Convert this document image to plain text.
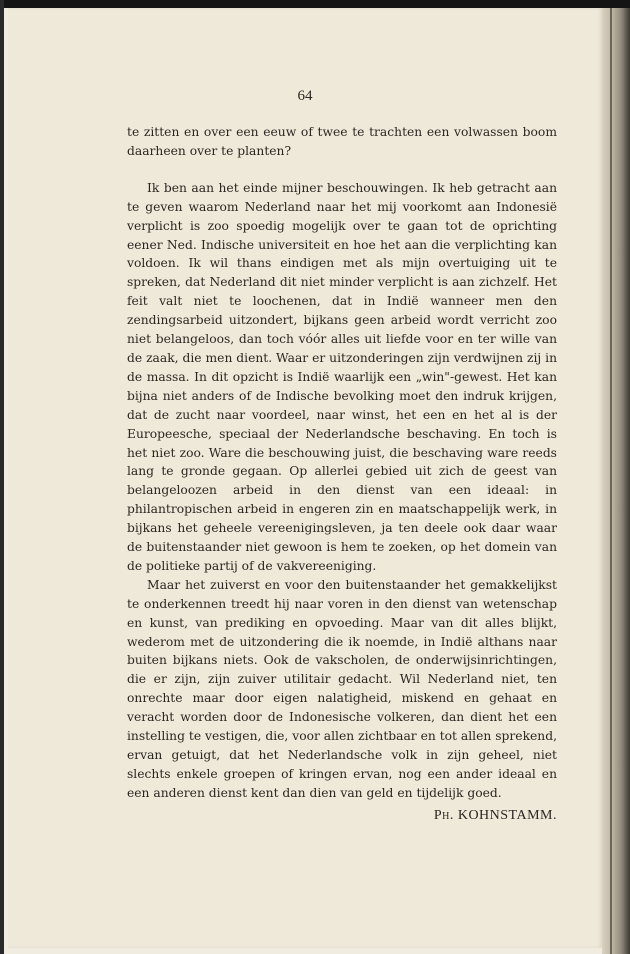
64

te zitten en over een eeuw of twee te trachten een volwassen boom daarheen over te planten?

Ik ben aan het einde mijner beschouwingen. Ik heb getracht aan te geven waarom Nederland naar het mij voorkomt aan Indonesië verplicht is zoo spoedig mogelijk over te gaan tot de oprichting eener Ned. Indische universiteit en hoe het aan die verplichting kan voldoen. Ik wil thans eindigen met als mijn overtuiging uit te spreken, dat Nederland dit niet minder verplicht is aan zichzelf. Het feit valt niet te loochenen, dat in Indië wanneer men den zendingsarbeid uitzondert, bijkans geen arbeid wordt verricht zoo niet belangeloos, dan toch vóór alles uit liefde voor en ter wille van de zaak, die men dient. Waar er uitzonderingen zijn verdwijnen zij in de massa. In dit opzicht is Indië waarlijk een „win"-gewest. Het kan bijna niet anders of de Indische bevolking moet den indruk krijgen, dat de zucht naar voordeel, naar winst, het een en het al is der Europeesche, speciaal der Nederlandsche beschaving. En toch is het niet zoo. Ware die beschouwing juist, die beschaving ware reeds lang te gronde gegaan. Op allerlei gebied uit zich de geest van belangeloozen arbeid in den dienst van een ideaal: in philantropischen arbeid in engeren zin en maatschappelijk werk, in bijkans het geheele vereenigingsleven, ja ten deele ook daar waar de buitenstaander niet gewoon is hem te zoeken, op het domein van de politieke partij of de vakvereeniging.

Maar het zuiverst en voor den buitenstaander het gemakkelijkst te onderkennen treedt hij naar voren in den dienst van wetenschap en kunst, van prediking en opvoeding. Maar van dit alles blijkt, wederom met de uitzondering die ik noemde, in Indië althans naar buiten bijkans niets. Ook de vakscholen, de onderwijsinrichtingen, die er zijn, zijn zuiver utilitair gedacht. Wil Nederland niet, ten onrechte maar door eigen nalatigheid, miskend en gehaat en veracht worden door de Indonesische volkeren, dan dient het een instelling te vestigen, die, voor allen zichtbaar en tot allen sprekend, ervan getuigt, dat het Nederlandsche volk in zijn geheel, niet slechts enkele groepen of kringen ervan, nog een ander ideaal en een anderen dienst kent dan dien van geld en tijdelijk goed.

Ph. KOHNSTAMM.
